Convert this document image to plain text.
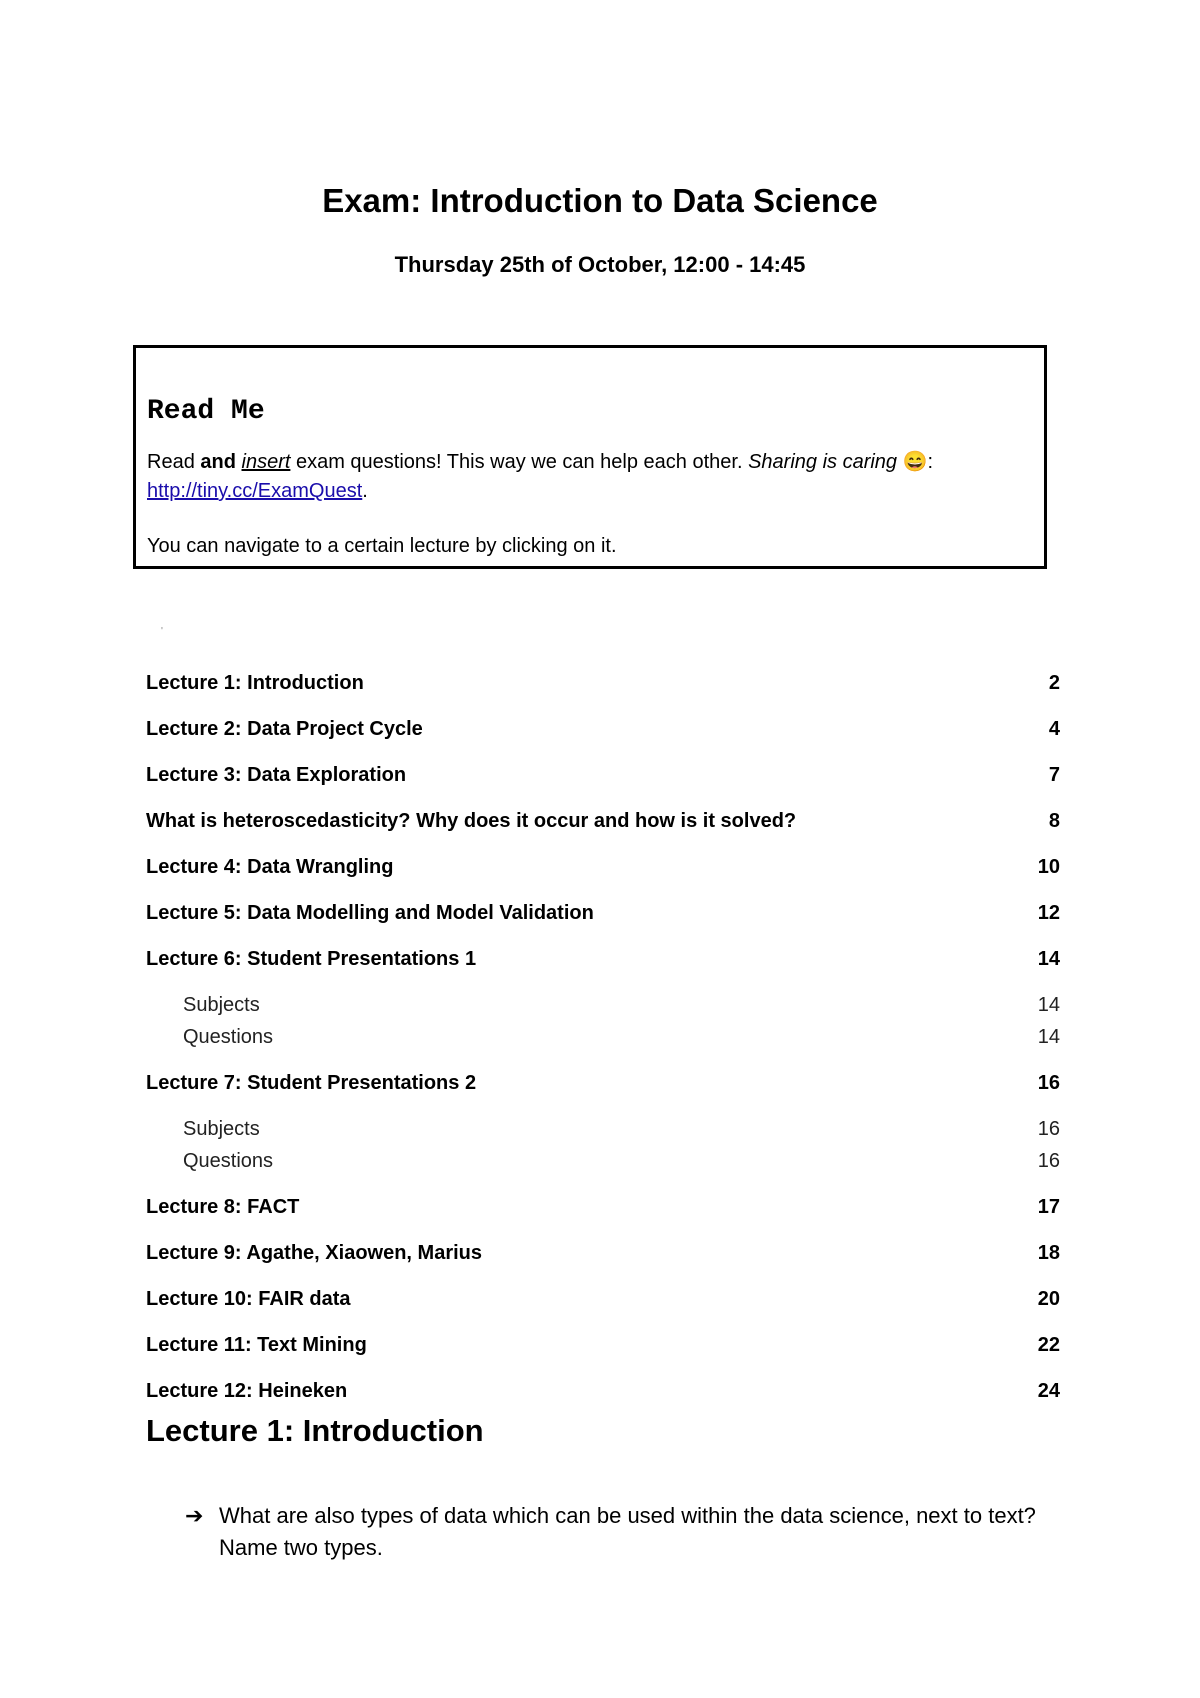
Exam: Introduction to Data Science

Thursday 25th of October, 12:00 - 14:45

Read Me

Read and insert exam questions! This way we can help each other. Sharing is caring 😄:
http://tiny.cc/ExamQuest.

You can navigate to a certain lecture by clicking on it.

'
Lecture 1: Introduction	2
Lecture 2: Data Project Cycle	4
Lecture 3: Data Exploration	7
What is heteroscedasticity? Why does it occur and how is it solved?	8
Lecture 4: Data Wrangling	10
Lecture 5: Data Modelling and Model Validation	12
Lecture 6: Student Presentations 1	14
Subjects	14
Questions	14
Lecture 7: Student Presentations 2	16
Subjects	16
Questions	16
Lecture 8: FACT	17
Lecture 9: Agathe, Xiaowen, Marius	18
Lecture 10: FAIR data	20
Lecture 11: Text Mining	22
Lecture 12: Heineken	24
Lecture 1: Introduction
➔ What are also types of data which can be used within the data science, next to text? Name two types.
